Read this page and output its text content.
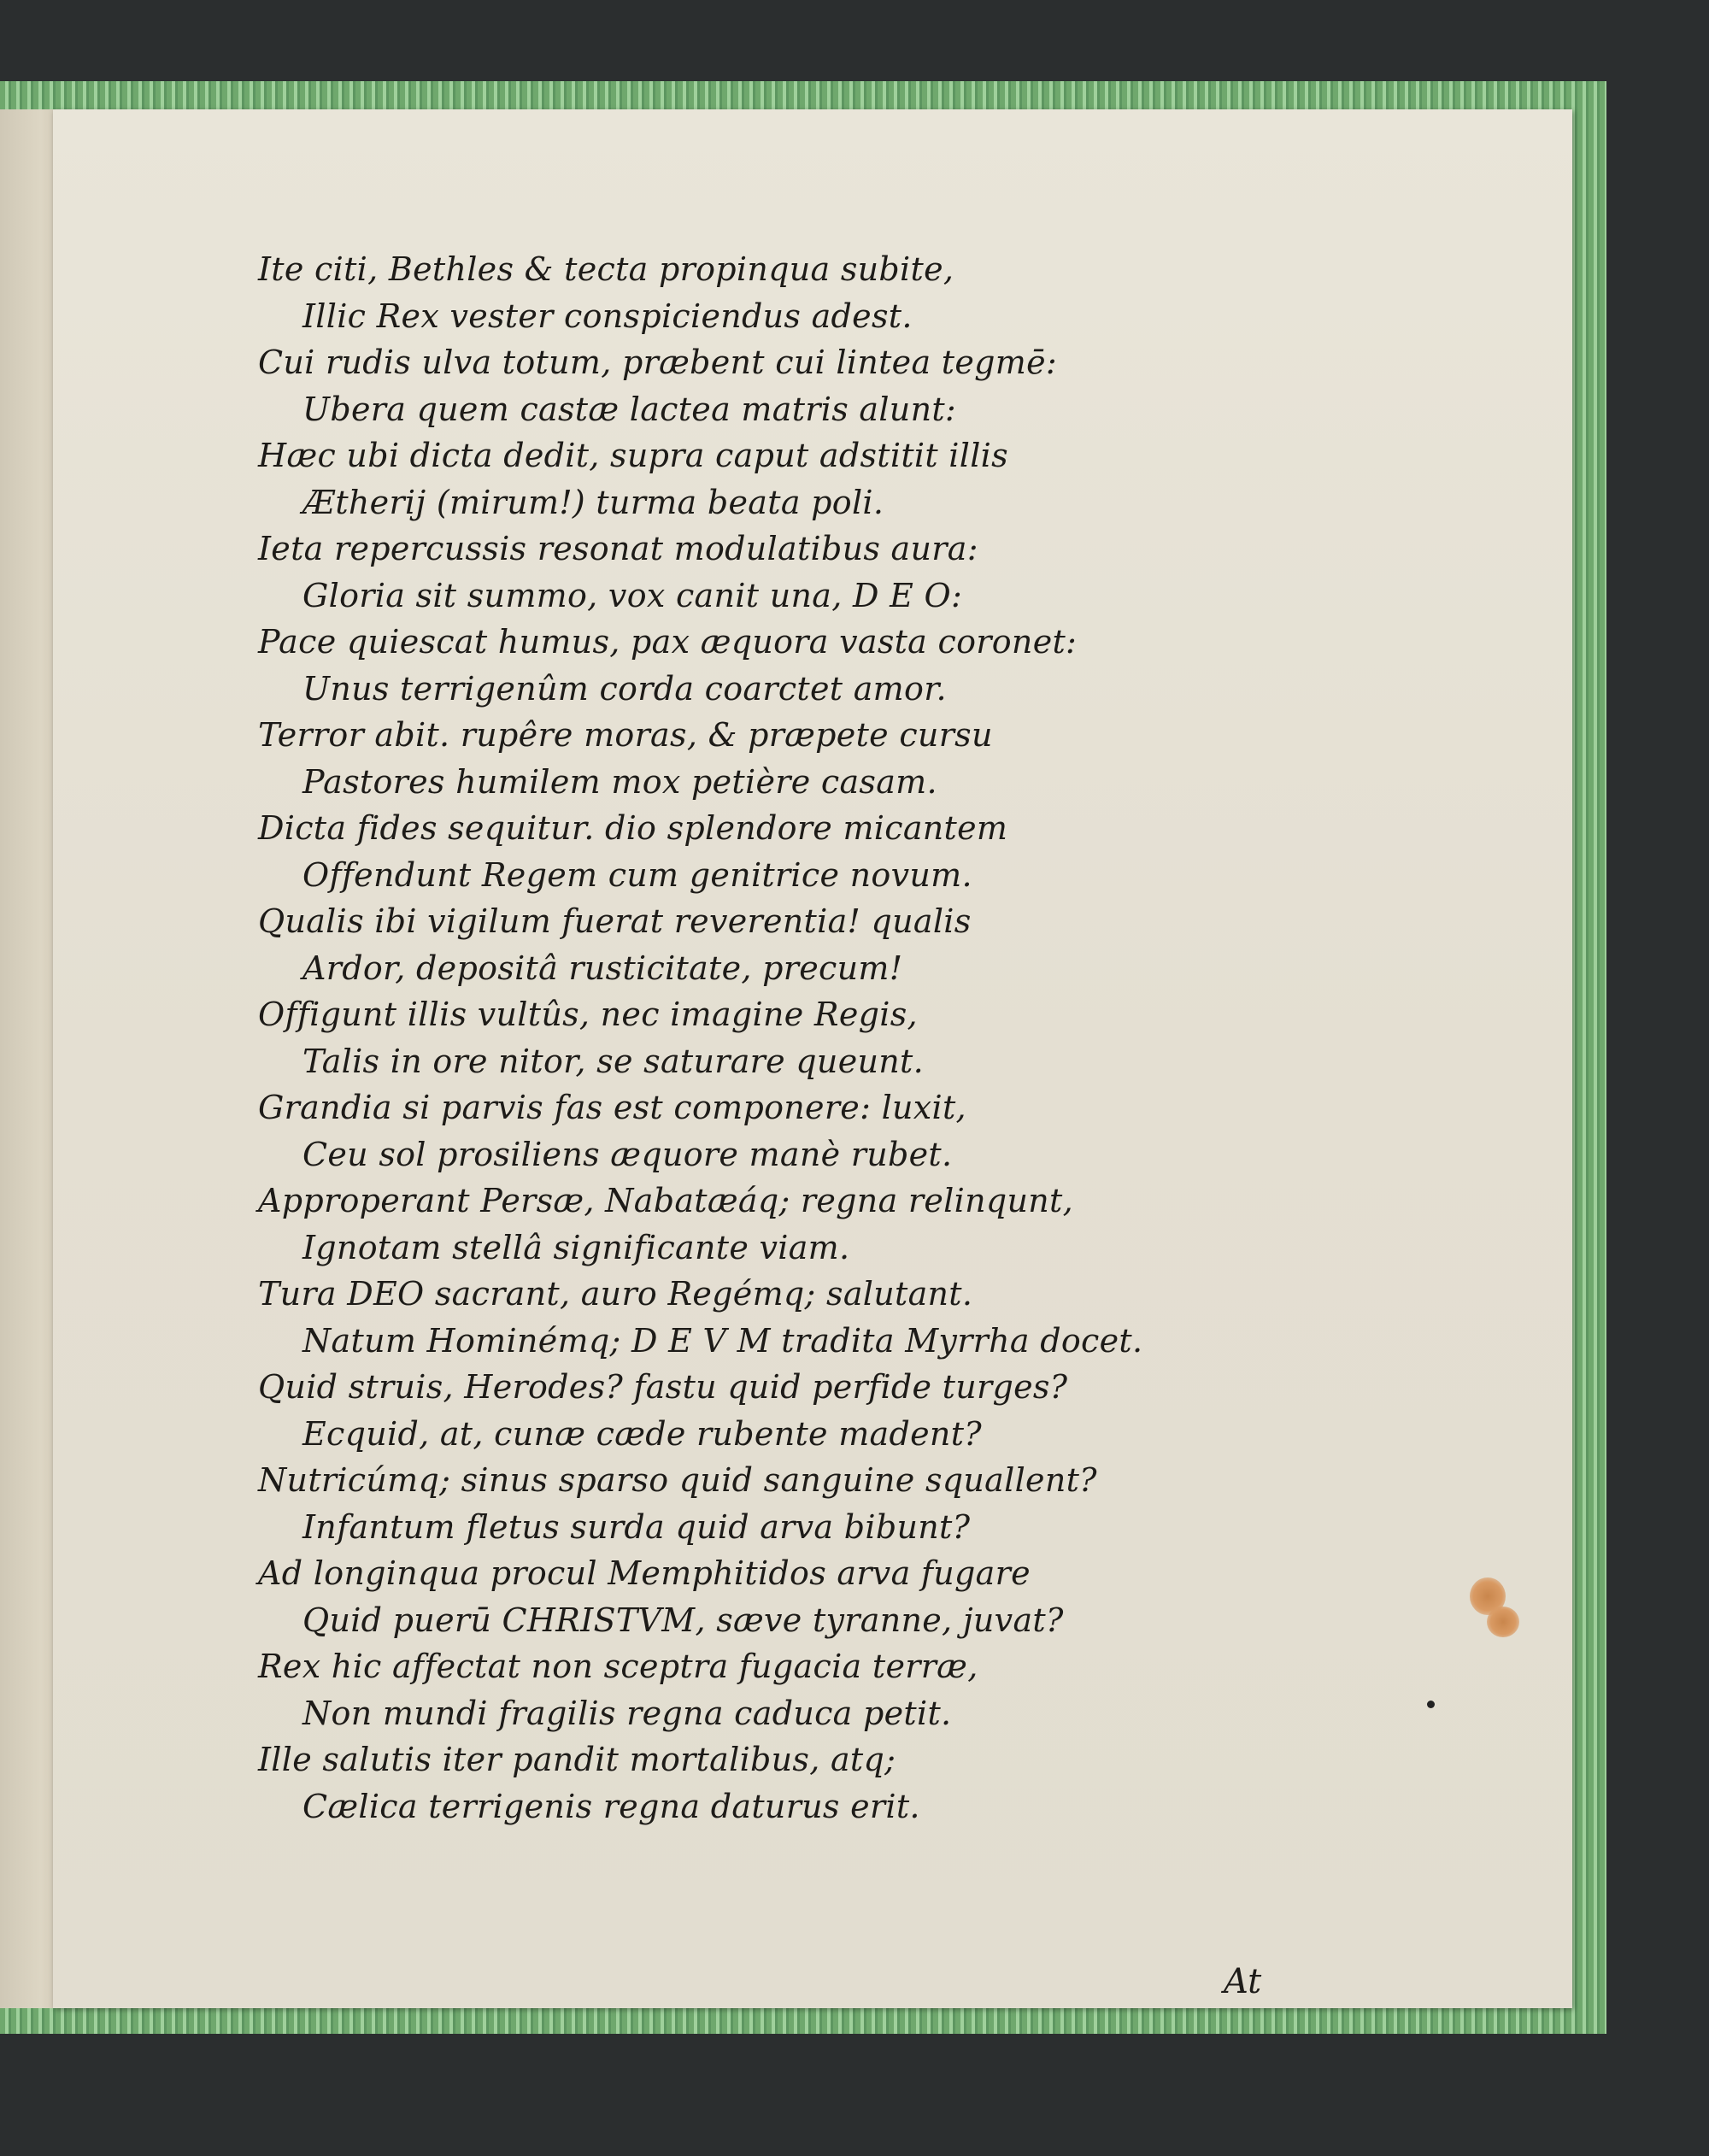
Ite citi, Bethles & tecta propinqua subite,
Illic Rex vester conspiciendus adest.
Cui rudis ulva totum, præbent cui lintea tegmē:
Ubera quem castæ lactea matris alunt:
Hæc ubi dicta dedit, supra caput adstitit illis
Ætherij (mirum!) turma beata poli.
Ieta repercussis resonat modulatibus aura:
Gloria sit summo, vox canit una, D E O:
Pace quiescat humus, pax æquora vasta coronet:
Unus terrigenûm corda coarctet amor.
Terror abit. rupêre moras, & præpete cursu
Pastores humilem mox petière casam.
Dicta fides sequitur. dio splendore micantem
Offendunt Regem cum genitrice novum.
Qualis ibi vigilum fuerat reverentia! qualis
Ardor, depositâ rusticitate, precum!
Offigunt illis vultûs, nec imagine Regis,
Talis in ore nitor, se saturare queunt.
Grandia si parvis fas est componere: luxit,
Ceu sol prosiliens æquore manè rubet.
Approperant Persæ, Nabatæáq; regna relinqunt,
Ignotam stellâ significante viam.
Tura DEO sacrant, auro Regémq; salutant.
Natum Hominémq; D E V M tradita Myrrha docet.
Quid struis, Herodes? fastu quid perfide turges?
Ecquid, at, cunæ cæde rubente madent?
Nutricúmq; sinus sparso quid sanguine squallent?
Infantum fletus surda quid arva bibunt?
Ad longinqua procul Memphitidos arva fugare
Quid puerū CHRISTVM, sæve tyranne, juvat?
Rex hic affectat non sceptra fugacia terræ,
Non mundi fragilis regna caduca petit.
Ille salutis iter pandit mortalibus, atq;
Cælica terrigenis regna daturus erit.
At
